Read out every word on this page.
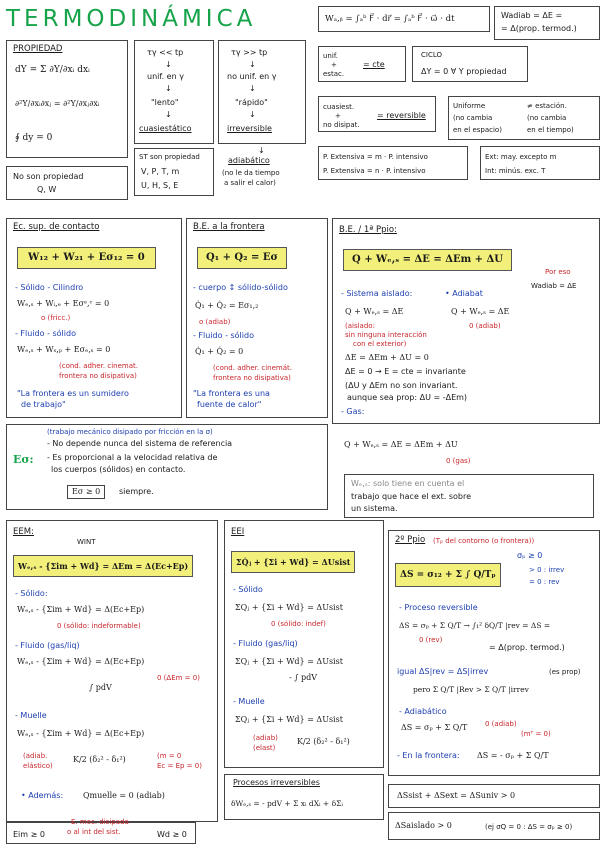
TERMODINÁMICA	Wₐ,ᵦ = ∫ₐᵇ F⃗ · dr⃗ = ∫ₐᵇ F⃗ · ω⃗ · dt	Wadiab = ΔE =
= Δ(prop. termod.)
PROPIEDAD
dY = Σ ∂Y/∂xᵢ dxᵢ
∂²Y/∂xᵢ∂xⱼ = ∂²Y/∂xⱼ∂xᵢ
∮ dy = 0
No son propiedad
Q, W
τγ << tp
↓
unif. en γ
↓
"lento"
↓
cuasiestático
τγ >> tp
↓
no unif. en γ
↓
"rápido"
↓
irreversible
↓
adiabático
(no le da tiempo
a salir el calor)
ST son propiedad
V, P, T, m
U, H, S, E
unif.
+
estac.
= cte
CICLO
ΔY = 0 ∀ Y propiedad
cuasiest.
+
no disipat.
= reversible
Uniforme
(no cambia
en el espacio)
≠ estación.
(no cambia
en el tiempo)
P. Extensiva = m · P. intensivo
P. Extensiva = n · P. intensivo
Ext: may. excepto m
Int: minús. exc. T
Ec. sup. de contacto
W₁₂ + W₂₁ + Eσ₁₂ = 0
- Sólido - Cilindro
Wₑ,ₛ + Wᵢ,ₑ + Eσᵉ,ᶜ = 0
o (fricc.)
- Fluido - sólido
Wₑ,ₛ + Wₛ,ₚ + Eσₑ,ₛ = 0
(cond. adher. cinemat.
frontera no disipativa)
"La frontera es un sumidero
de trabajo"
B.E. a la frontera
Q₁ + Q₂ = Eσ
- cuerpo ↕ sólido-sólido
Q̇₁ + Q̇₂ = Eσ₁,₂
o (adiab)
- Fluido - sólido
Q̇₁ + Q̇₂ = 0
(cond. adher. cinemát.
frontera no disipativa)
"La frontera es una
fuente de calor"
B.E. / 1ª Ppio:
Q + Wₑ,ₛ = ΔE = ΔEm + ΔU
Por eso
Wadiab = ΔE
- Sistema aislado:	• Adiabat
Q + Wₑ,ₛ = ΔE	Q + Wₑ,ₛ = ΔE
(aislado:
sin ninguna interacción
con el exterior)
0 (adiab)
ΔE = ΔEm + ΔU = 0
ΔE = 0 → E = cte = invariante
(ΔU y ΔEm no son invariant.
aunque sea prop: ΔU = -ΔEm)
- Gas:
Q + Wₑ,ₛ = ΔE = ΔEm + ΔU
0 (gas)
Wₑ,ₛ: solo tiene en cuenta el
trabajo que hace el ext. sobre
un sistema.
(trabajo mecánico disipado por fricción en la σ)
Eσ:
- No depende nunca del sistema de referencia
- Es proporcional a la velocidad relativa de
los cuerpos (sólidos) en contacto.
Eσ ≥ 0	siempre.
EEM:
WINT
Wₑ,ₛ - {Σim + Wd} = ΔEm = Δ(Ec+Ep)
- Sólido:
Wₑ,ₛ - {Σim + Wd} = Δ(Ec+Ep)
0 (sólido: indeformable)
- Fluido (gas/liq)
Wₑ,ₛ - {Σim + Wd} = Δ(Ec+Ep)
0 (ΔEm = 0)
∫ pdV
- Muelle
Wₑ,ₛ - {Σim + Wd} = Δ(Ec+Ep)
(adiab.
elástico)
K/2 (δ₂² - δ₁²)	(m = 0
Ec = Ep = 0)
• Además: Qmuelle = 0 (adiab)
Eim ≥ 0
E. mec. disipada
o al int del sist.	Wd ≥ 0
EEI
ΣQ̇ⱼ + {Σi + Wd} = ΔUsist
- Sólido
ΣQⱼ + {Σi + Wd} = ΔUsist
0 (sólido: indef)
- Fluido (gas/liq)
ΣQⱼ + {Σi + Wd} = ΔUsist
- ∫ pdV
- Muelle
ΣQⱼ + {Σi + Wd} = ΔUsist
(adiab)
(elast)
K/2 (δ₂² - δ₁²)
Procesos irreversibles
δWₑ,ₛ = - pdV + Σ xᵢ dXᵢ + δΣᵢ
2º Ppio (Tₚ del contorno (o frontera))
ΔS = σ₁₂ + Σ ∫ Q/Tₚ
σₚ ≥ 0
> 0 : irrev
= 0 : rev
- Proceso reversible
ΔS = σₚ + Σ Q/T → ∫₁² δQ/T |rev = ΔS =
0 (rev)
= Δ(prop. termod.)
igual ΔS|rev = ΔS|irrev	(es prop)
pero Σ Q/T |Rev > Σ Q/T |irrev
- Adiabático
ΔS = σₚ + Σ Q/T	0 (adiab)
(mᵀ = 0)
- En la frontera: ΔS = - σₚ + Σ Q/T
ΔSsist + ΔSext = ΔSuniv > 0
ΔSaislado > 0	(ej σQ = 0 : ΔS = σₚ ≥ 0)
